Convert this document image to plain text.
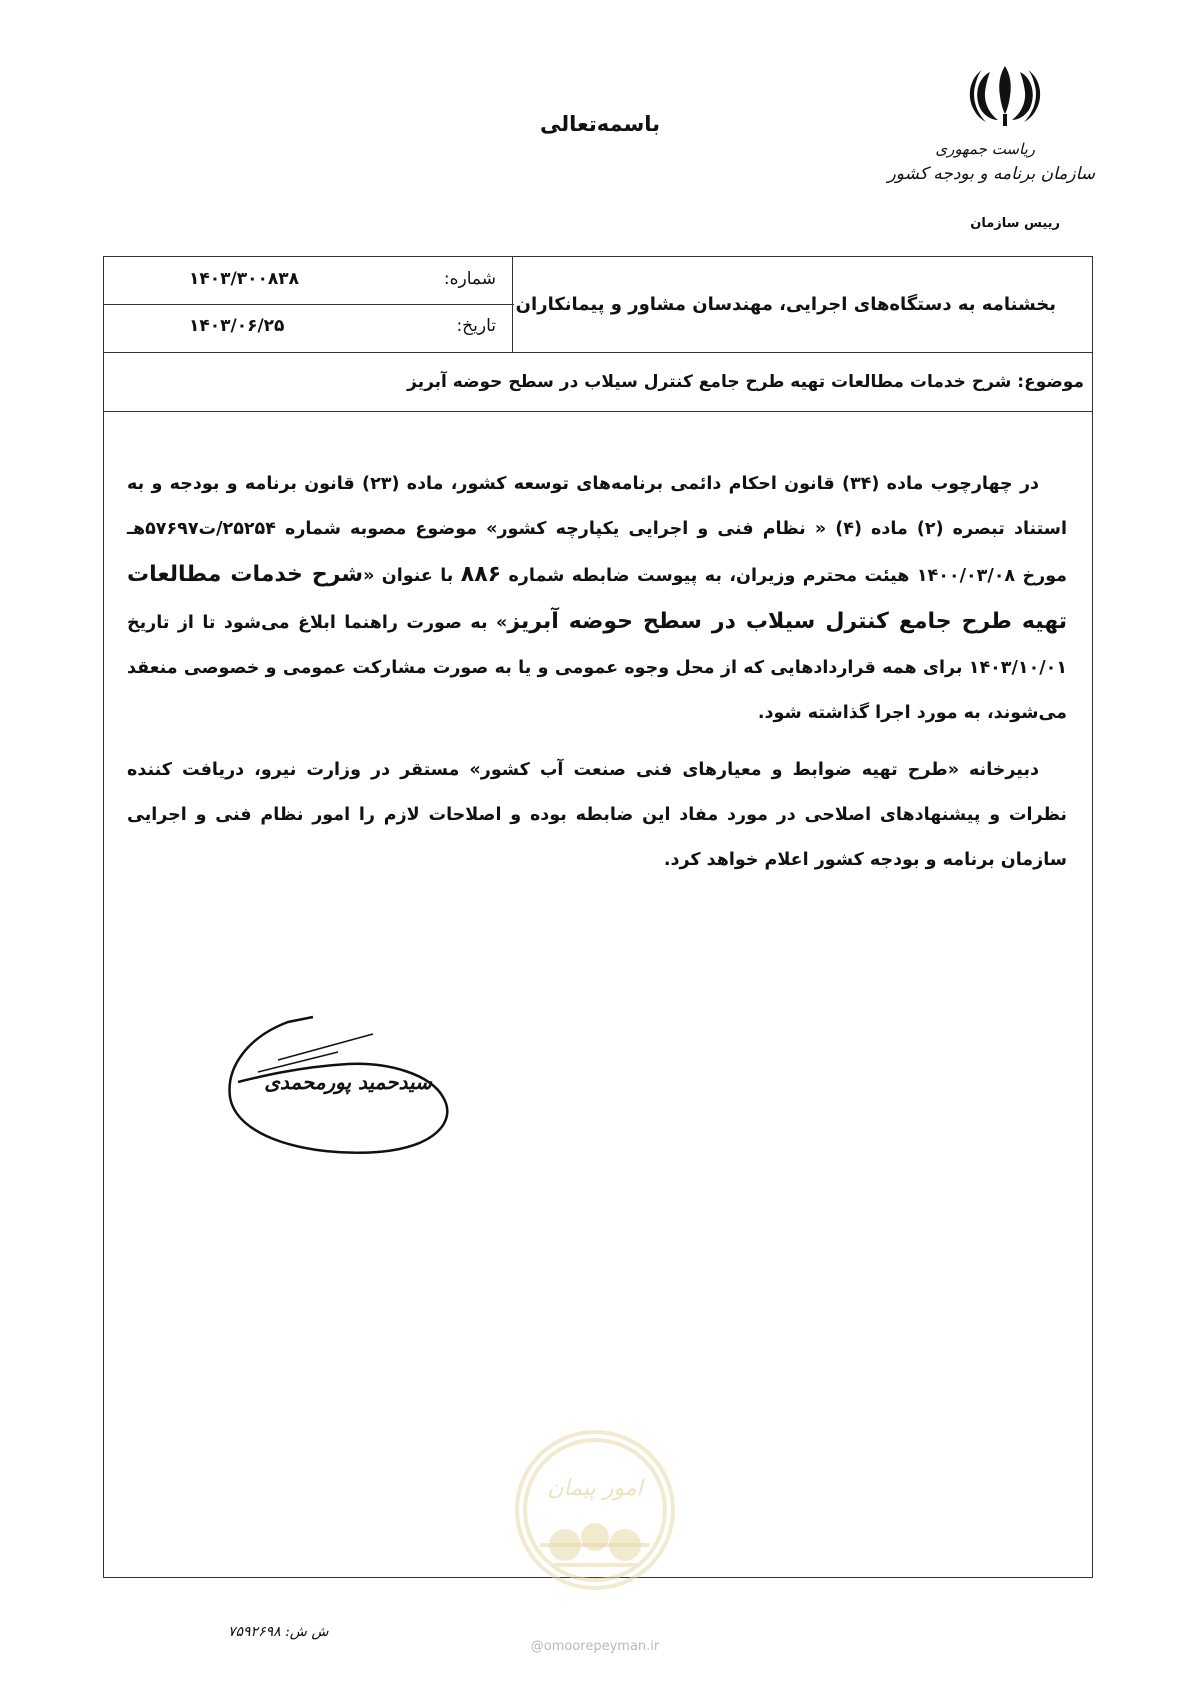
باسمه‌تعالی
ریاست جمهوری
سازمان برنامه و بودجه کشور
رییس سازمان
بخشنامه به دستگاه‌های اجرایی، مهندسان مشاور و پیمانکاران
شماره:
۱۴۰۳/۳۰۰۸۳۸
تاریخ:
۱۴۰۳/۰۶/۲۵
موضوع: شرح خدمات مطالعات تهیه طرح جامع کنترل سیلاب در سطح حوضه آبریز

در چهارچوب ماده (۳۴) قانون احکام دائمی برنامه‌های توسعه کشور، ماده (۲۳) قانون برنامه و بودجه و به استناد تبصره (۲) ماده (۴) « نظام فنی و اجرایی یکپارچه کشور» موضوع مصوبه شماره ۲۵۲۵۴/ت۵۷۶۹۷هـ مورخ ۱۴۰۰/۰۳/۰۸ هیئت محترم وزیران، به پیوست ضابطه شماره ۸۸۶ با عنوان «شرح خدمات مطالعات تهیه طرح جامع کنترل سیلاب در سطح حوضه آبریز» به صورت راهنما ابلاغ می‌شود تا از تاریخ ۱۴۰۳/۱۰/۰۱ برای همه قراردادهایی که از محل وجوه عمومی و یا به صورت مشارکت عمومی و خصوصی منعقد می‌شوند، به مورد اجرا گذاشته شود.

دبیرخانه «طرح تهیه ضوابط و معیارهای فنی صنعت آب کشور» مستقر در وزارت نیرو، دریافت کننده نظرات و پیشنهادهای اصلاحی در مورد مفاد این ضابطه بوده و اصلاحات لازم را امور نظام فنی و اجرایی سازمان برنامه و بودجه کشور اعلام خواهد کرد.

سیدحمید پورمحمدی
امور پیمان
@omoorepeyman.ir
ش ش: ۷۵۹۲۶۹۸
